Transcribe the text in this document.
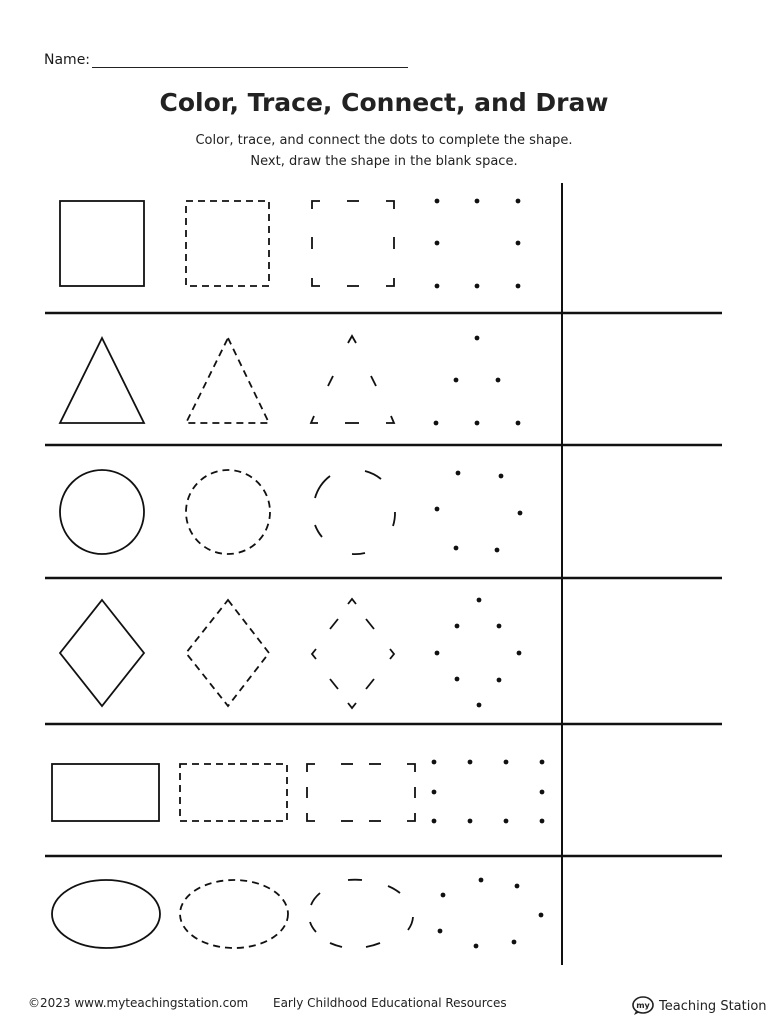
Name:
Color, Trace, Connect, and Draw
Color, trace, and connect the dots to complete the shape.
Next, draw the shape in the blank space.
©2023 www.myteachingstation.com Early Childhood Educational Resources	my Teaching Station
